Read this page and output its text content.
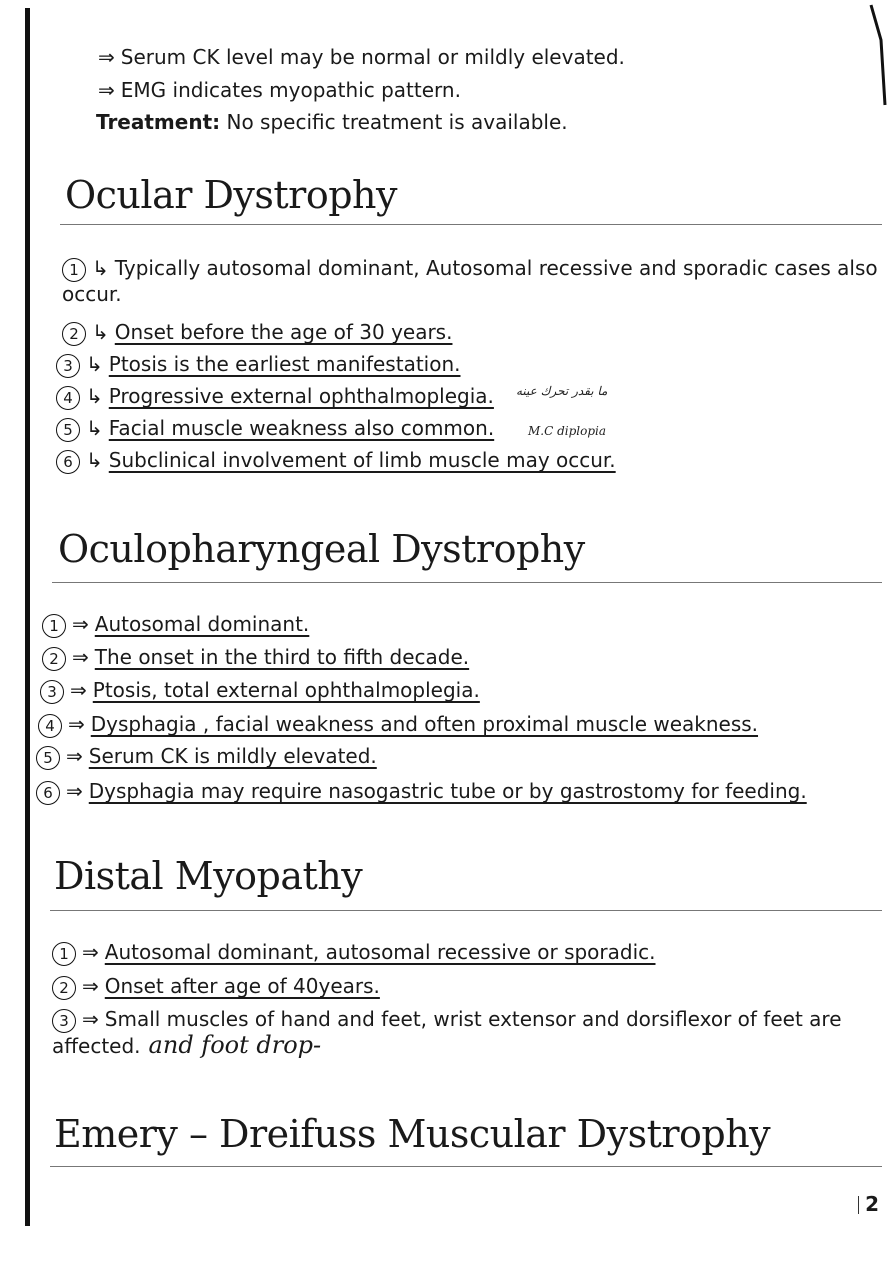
⇒ Serum CK level may be normal or mildly elevated.
⇒ EMG indicates myopathic pattern.
Treatment: No specific treatment is available.
Ocular Dystrophy
1 ↳ Typically autosomal dominant, Autosomal recessive and sporadic cases also occur.
2 ↳ Onset before the age of 30 years.
3 ↳ Ptosis is the earliest manifestation.
4 ↳ Progressive external ophthalmoplegia.
5 ↳ Facial muscle weakness also common.
6 ↳ Subclinical involvement of limb muscle may occur.
ما بقدر تحرك عينه
M.C diplopia
Oculopharyngeal Dystrophy
1 ⇒ Autosomal dominant.
2 ⇒ The onset in the third to fifth decade.
3 ⇒ Ptosis, total external ophthalmoplegia.
4 ⇒ Dysphagia , facial weakness and often proximal muscle weakness.
5 ⇒ Serum CK is mildly elevated.
6 ⇒ Dysphagia may require nasogastric tube or by gastrostomy for feeding.
Distal Myopathy
1 ⇒ Autosomal dominant, autosomal recessive or sporadic.
2 ⇒ Onset after age of 40years.
3 ⇒ Small muscles of hand and feet, wrist extensor and dorsiflexor of feet are affected. and foot drop-
Emery – Dreifuss Muscular Dystrophy
2
